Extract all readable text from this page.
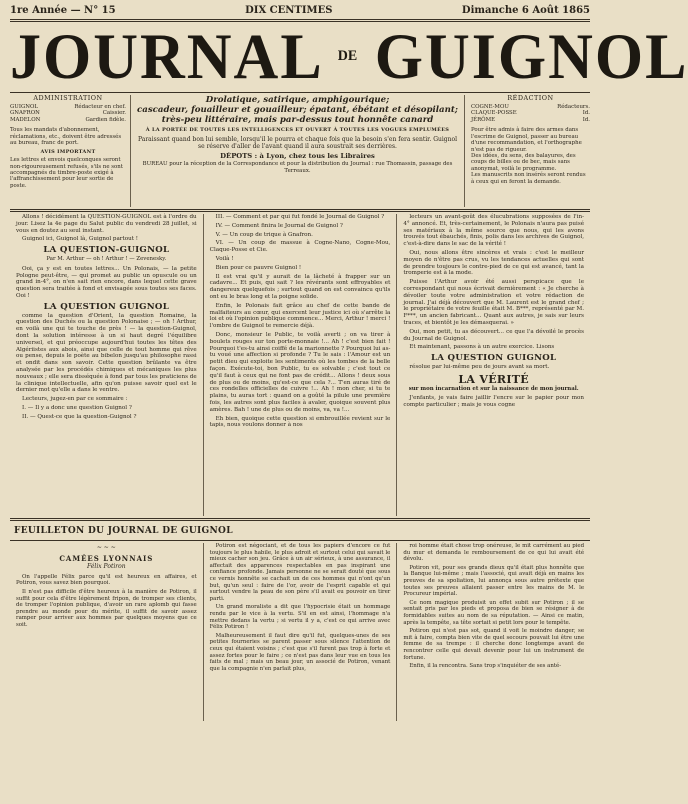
1re Année — N° 15	DIX CENTIMES	Dimanche 6 Août 1865
JOURNAL DE GUIGNOL
ADMINISTRATION
GUIGNOL	Rédacteur en chef.
GNAFRON	Caissier.
MADELON	Gardien fidèle.

Tous les mandats d'abonnement, réclamations, etc., doivent être adressés au bureau, franc de port.

AVIS IMPORTANT

Les lettres et envois quelconques seront non-rigoureusement refusés, s'ils ne sont accompagnés du timbre-poste exigé à l'affranchissement pour leur sortie de poste.

Drolatique, satirique, amphigourique;
cascadeur, fouailleur et gouailleur; épatant, ébétant et désopilant;
très-peu littéraire, mais par-dessus tout honnête canard
À LA PORTÉE DE TOUTES LES INTELLIGENCES ET OUVERT À TOUTES LES VOGUES EMPLUMÉES

Paraissant quand bon lui semble, lorsqu'il le pourra et chaque fois que la besoin s'en fera sentir. Guignol se réserve d'aller de l'avant quand il aura soustrait ses derrières.

DÉPOTS : à Lyon, chez tous les Libraires

BUREAU pour la réception de la Correspondance et pour la distribution du Journal : rue Thomassin, passage des Terreaux.

RÉDACTION
COGNE-MOU	Rédacteurs.
CLAQUE-POSSE	Id.
JÉRÔME	Id.

Pour être admis à faire des armes dans l'escrime de Guignol, passer au bureau d'une recommandation, et l'orthographe n'est pas de rigueur.

Des idées, du sens, des balayures, des coups de billes ou de bec, mais sans anonymat, voilà le programme.

Les manuscrits non insérés seront rendus à ceux qui en feront la demande.

Allons ! décidément la QUESTION-GUIGNOL est à l'ordre du jour. Lisez la 4e page du Salut public du vendredi 28 juillet, si vous en doutez au seul instant.

Guignol ici, Guignol là, Guignol partout !

LA QUESTION-GUIGNOL
Par M. Arthur — oh ! Arthur ! — Zevenesky.

Ooi, ça y est en toutes lettres... Un Polonais, — la petite Pologne peut-être, — qui promet au public un opuscule ou un grand in-4°, on n'en sait rien encore, dans lequel cette grave question sera traitée à fond et envisagée sous toutes ses faces. Ooi !

LA QUESTION GUIGNOL

comme la question d'Orient, la question Romaine, la question des Duchés ou la question Polonaise ; — oh ! Arthur, en voilà une qui te touche de près ! — la question-Guignol, dont la solution intéresse à un si haut degré l'équilibre universel, et qui préoccupe aujourd'hui toutes les têtes des Algériistes aux abois, ainsi que celle de tout homme qui rêve ou pense, depuis le poète au bibelon jusqu'au philosophe rassi et ondit dans son savoir. Cette question brûlante va être analysée par les procédés chimiques et mécaniques les plus nouveaux ; elle sera disséquée à fond par tous les praticiens de la clinique intellectuelle, afin qu'on puisse savoir quel est le dernier mot qu'elle a dans le ventre.

Lecteurs, jugez-en par ce sommaire :

I. — Il y a donc une question Guignol ?

II. — Quest-ce que la question-Guignol ?

III. — Comment et par qui fut fondé le Journal de Guignol ?

IV. — Comment finira le Journal de Guignol ?

V. — Un coup de trique à Gnafron.

VI. — Un coup de massue à Cogne-Nano, Cogne-Mou, Claque-Posse et Cie.

Voilà !

Bien pour ce pauvre Guignol !

Il est vrai qu'il y aurait de la lâcheté à frapper sur un cadavre... Et puis, qui sait ? les révérants sont effroyables et dangereux quelquefois ; surtout quand on est convaincu qu'ils ont eu le bras long et la poigne solide.

Enfin, le Polonais fait grâce au chef de cette bande de malfaiteurs au cœur, qui exercent leur justice ici où s'arrête la loi et où l'opinion publique commence... Merci, Arthur ! merci ! l'ombre de Guignol te remercie déjà.

Donc, monsieur le Public, te voilà averti ; on va tirer à boulets rouges sur ton porte-monnaie !... Ah ! c'est bien fait ! Pourquoi t'es-tu ainsi coiffé de la marionnette ? Pourquoi lui as-tu voué une affection si profonde ? Tu le sais : l'Amour est un petit dieu qui exploite les sentiments où les tombes de la belle façon. Exécute-toi, bon Public, tu es solvable ; c'est tout ce qu'il faut à ceux qui ne font pas de crédit... Allons ! deux sous de plus ou de moins, qu'est-ce que cela ?... T'en auras tiré de ces rondelles officielles de cuivre !... Ah ! mon cher, si tu te plains, tu auras tort : quand on a goûté la pilule une première fois, les autres sont plus faciles à avaler, quoique souvent plus amères. Bah ! une de plus ou de moins, va, va !...

Eh bien, quoique cette question si embrouillée revient sur le tapis, nous voulons donner à nos

lecteurs un avant-goût des élucubrations supposées de l'in-4° annoncé. Et, très-certainement, le Polonais n'aura pas puisé ses matériaux à la même source que nous, qui les avons trouvés tout ébauchés, finis, polis dans les archives de Guignol, c'est-à-dire dans le sac de la vérité !

Oui, nous allons être sincères et vrais : c'est le meilleur moyen de n'être pas crus, vu les tendances actuelles qui sont de prendre toujours le contre-pied de ce qui est avancé, tant la tromperie est à la mode.

Puisse l'Arthur avoir été aussi perspicace que le correspondant qui nous écrivait dernièrement : « Je cherche à dévoiler toute votre administration et votre rédaction de journal. J'ai déjà découvert que M. Laurent est le grand chef ; le propriétaire de votre feuille était M. B***, représenté par M. F***, un ancien fabricant... Quant aux autres, je sais sur leurs traces, et bientôt je les démasquerai. »

Oui, mon petit, tu as découvert... ce que l'a dévoilé le procès du Journal de Guignol.

Et maintenant, passons à un autre exercice. Lisons

LA QUESTION GUIGNOL

résolue par lui-même peu de jours avant sa mort.

LA VÉRITÉ
sur mon incarnation et sur la naissance de mon journal.

J'enfants, je vais faire jaillir l'encre sur le papier pour mon compte particulier ; mais je vous cogne

FEUILLETON DU JOURNAL DE GUIGNOL
~ ~ ~
CAMÉES LYONNAIS
Félix Potiron

On l'appelle Félix parce qu'il est heureux en affaires, et Potiron, vous savez bien pourquoi.

Il n'est pas difficile d'être heureux à la manière de Potiron, il suffit pour cela d'être légèrement fripon, de tromper ses clients, de tromper l'opinion publique, d'avoir un rare aplomb qui fasse prendre au monde pour du mérite, il suffit de savoir assez ramper pour arriver aux hommes par quelques moyens que ce soit.

Potiron est négociant, et de tous les papiers d'encore ce fut toujours le plus habile, le plus adroit et surtout celui qui savait le mieux cacher son jeu. Grâce à un air sérieux, à une assurance, il affectait des apparences respectables en pas inspirant une confiance profonde. Jamais personne ne se serait douté que sous ce vernis honnête se cachait un de ces hommes qui n'ont qu'un but, qu'un seul : faire de l'or, avoir de l'esprit capable et qui surtout vendre la peau de son père s'il avait eu pouvoir en tirer parti.

Un grand moraliste a dit que l'hypocrisie était un hommage rendu par le vice à la vertu. S'il en est ainsi, l'hommage n'a mettre dedans la vertu ; si vertu il y a, c'est ce qui arrive avec Félix Potiron !

Malheureusement il faut dire qu'il fut, quelques-unes de ses petites fourneries se parent passer sous silence l'attention de ceux qui étaient voisins ; c'est que s'il furent pas trop à forte et assez fortes pour le faire ; ce n'est pas dans leur vue en tous les faits de mal ; mais un beau jour, un associé de Potiron, venant que la compagnie n'en parlait plus,

roi homme était chose trop onéreuse, le mit carrément au pied du mur et demanda le remboursement de ce qui lui avait été dévolu.

Potiron vit, pour ses grands dieux qu'il était plus honnête que la Banque lui-même ; mais l'associé, qui avait déjà en mains les preuves de sa spoliation, lui annonça sous autre prétexte que toutes ses preuves allaient passer entre les mains de M. le Procureur impérial.

Ce nom magique produisit un effet subit sur Potiron ; il se sentait pris par les pieds et proposa de bien se résigner à de formidables suites au nom de sa réputation. — Ainsi ce matin, après la tempête, sa tête sortait si petit lors pour le tempête.

Potiron qui n'est pas sot, quand il voit le moindre danger, se mit à faire, compta bien vite de quel secours pouvait lui être une femme de sa trempe : il cherche donc longtemps avant de rencontrer celle qui devait devenir pour lui un instrument de fortune.

Enfin, il la rencontra. Sans trop s'inquiéter de ses anté-
